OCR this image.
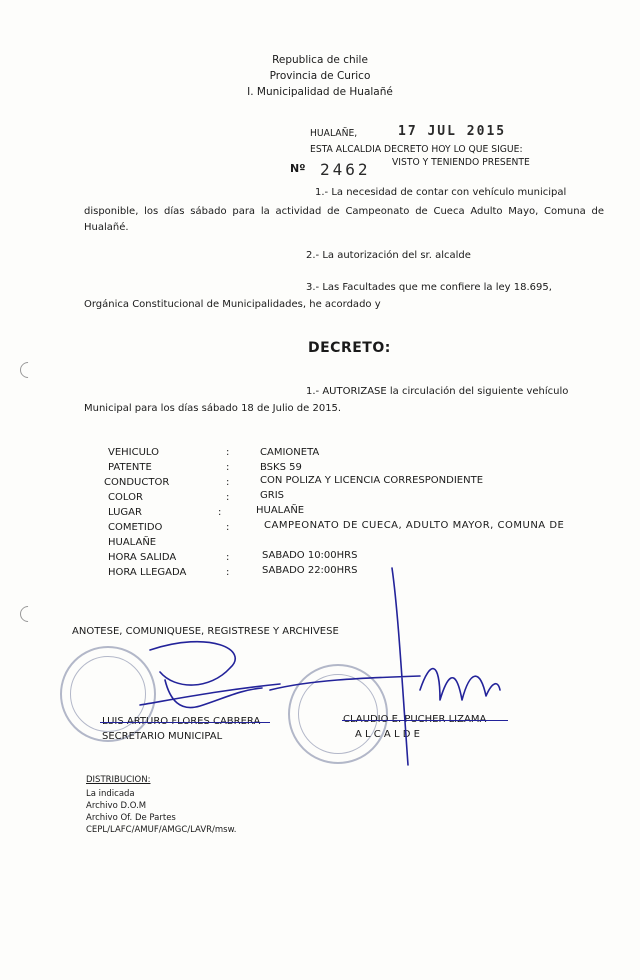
Republica de chile
Provincia de Curico
I. Municipalidad de Hualañé
HUALAÑE,	17 JUL 2015
ESTA ALCALDIA DECRETO HOY LO QUE SIGUE:
Nº 2462 VISTO Y TENIENDO PRESENTE
1.- La necesidad de contar con vehículo municipal
disponible, los días sábado para la actividad de Campeonato de Cueca Adulto Mayo, Comuna de Hualañé.
2.- La autorización del sr. alcalde
3.- Las Facultades que me confiere la ley 18.695,
Orgánica Constitucional de Municipalidades, he acordado y
DECRETO:
1.- AUTORIZASE la circulación del siguiente vehículo
Municipal para los días sábado 18 de Julio de 2015.
VEHICULO	:	CAMIONETA
PATENTE	:	BSKS 59
CONDUCTOR	:	CON POLIZA Y LICENCIA CORRESPONDIENTE
COLOR	:	GRIS
LUGAR	:	HUALAÑE
COMETIDO	:	CAMPEONATO DE CUECA, ADULTO MAYOR, COMUNA DE
HUALAÑE
HORA SALIDA	:	SABADO 10:00HRS
HORA LLEGADA	:	SABADO 22:00HRS
ANOTESE, COMUNIQUESE, REGISTRESE Y ARCHIVESE
SECRETARIO MUNICIPAL	A L C A L D E
DISTRIBUCION:
La indicada
Archivo D.O.M
Archivo Of. De Partes
CEPL/LAFC/AMUF/AMGC/LAVR/msw.
